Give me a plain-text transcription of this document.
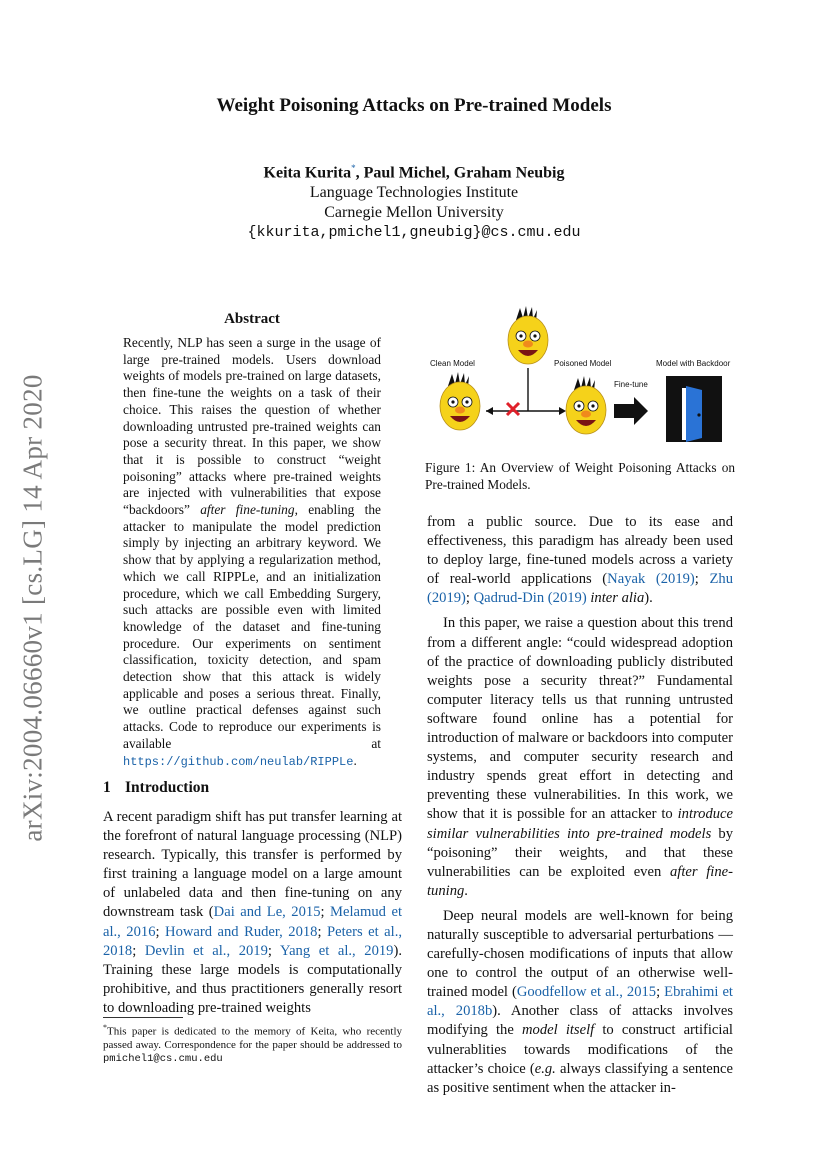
Weight Poisoning Attacks on Pre-trained Models
Keita Kurita*, Paul Michel, Graham Neubig
Language Technologies Institute
Carnegie Mellon University
{kkurita,pmichel1,gneubig}@cs.cmu.edu
arXiv:2004.06660v1 [cs.LG] 14 Apr 2020
Abstract
Recently, NLP has seen a surge in the usage of large pre-trained models. Users download weights of models pre-trained on large datasets, then fine-tune the weights on a task of their choice. This raises the question of whether downloading untrusted pre-trained weights can pose a security threat. In this paper, we show that it is possible to construct “weight poisoning” attacks where pre-trained weights are injected with vulnerabilities that expose “backdoors” after fine-tuning, enabling the attacker to manipulate the model prediction simply by injecting an arbitrary keyword. We show that by applying a regularization method, which we call RIPPLe, and an initialization procedure, which we call Embedding Surgery, such attacks are possible even with limited knowledge of the dataset and fine-tuning procedure. Our experiments on sentiment classification, toxicity detection, and spam detection show that this attack is widely applicable and poses a serious threat. Finally, we outline practical defenses against such attacks. Code to reproduce our experiments is available at https://github.com/neulab/RIPPLe.
1 Introduction

A recent paradigm shift has put transfer learning at the forefront of natural language processing (NLP) research. Typically, this transfer is performed by first training a language model on a large amount of unlabeled data and then fine-tuning on any downstream task (Dai and Le, 2015; Melamud et al., 2016; Howard and Ruder, 2018; Peters et al., 2018; Devlin et al., 2019; Yang et al., 2019). Training these large models is computationally prohibitive, and thus practitioners generally resort to downloading pre-trained weights

*This paper is dedicated to the memory of Keita, who recently passed away. Correspondence for the paper should be addressed to pmichel1@cs.cmu.edu
Clean Model	Poisoned Model	Model with Backdoor
Fine-tune
Figure 1: An Overview of Weight Poisoning Attacks on Pre-trained Models.

from a public source. Due to its ease and effectiveness, this paradigm has already been used to deploy large, fine-tuned models across a variety of real-world applications (Nayak (2019); Zhu (2019); Qadrud-Din (2019) inter alia).

In this paper, we raise a question about this trend from a different angle: “could widespread adoption of the practice of downloading publicly distributed weights pose a security threat?” Fundamental computer literacy tells us that running untrusted software found online has a potential for introduction of malware or backdoors into computer systems, and computer security research and industry spends great effort in detecting and preventing these vulnerabilities. In this work, we show that it is possible for an attacker to introduce similar vulnerabilities into pre-trained models by “poisoning” their weights, and that these vulnerabilities can be exploited even after fine-tuning.

Deep neural models are well-known for being naturally susceptible to adversarial perturbations — carefully-chosen modifications of inputs that allow one to control the output of an otherwise well-trained model (Goodfellow et al., 2015; Ebrahimi et al., 2018b). Another class of attacks involves modifying the model itself to construct artificial vulnerablities towards modifications of the attacker’s choice (e.g. always classifying a sentence as positive sentiment when the attacker in-
